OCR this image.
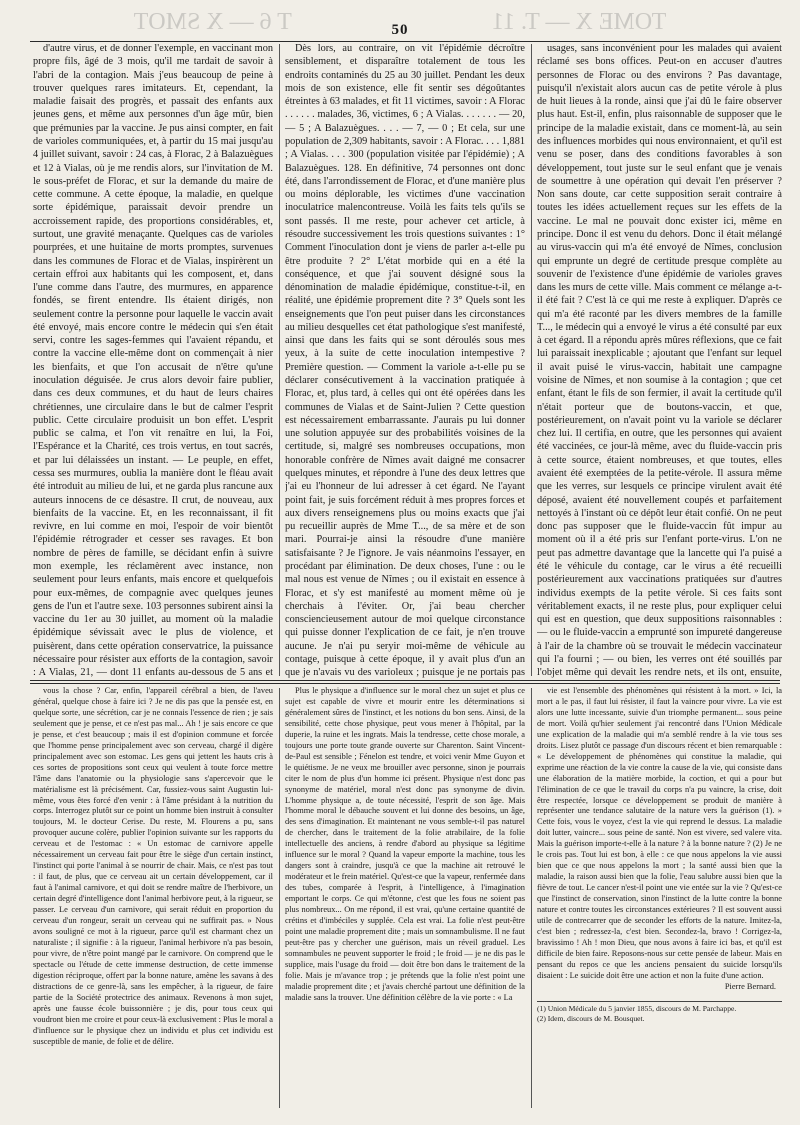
TOME X — T. 11
T 6 — X SMOT	50

d'autre virus, et de donner l'exemple, en vaccinant mon propre fils, âgé de 3 mois, qu'il me tardait de savoir à l'abri de la contagion. Mais j'eus beaucoup de peine à trouver quelques rares imitateurs. Et, cependant, la maladie faisait des progrès, et passait des enfants aux jeunes gens, et même aux personnes d'un âge mûr, bien que prémunies par la vaccine. Je pus ainsi compter, en fait de varioles communiquées, et, à partir du 15 mai jusqu'au 4 juillet suivant, savoir : 24 cas, à Florac, 2 à Balazuègues et 12 à Vialas, où je me rendis alors, sur l'invitation de M. le sous-préfet de Florac, et sur la demande du maire de cette commune. A cette époque, la maladie, en quelque sorte épidémique, paraissait devoir prendre un accroissement rapide, des proportions considérables, et, surtout, une gravité menaçante. Quelques cas de varioles pourprées, et une huitaine de morts promptes, survenues dans les communes de Florac et de Vialas, inspirèrent un certain effroi aux habitants qui les composent, et, dans l'une comme dans l'autre, des murmures, en apparence fondés, se firent entendre. Ils étaient dirigés, non seulement contre la personne pour laquelle le vaccin avait été envoyé, mais encore contre le médecin qui s'en était servi, contre les sages-femmes qui l'avaient répandu, et contre la vaccine elle-même dont on commençait à nier les bienfaits, et que l'on accusait de n'être qu'une inoculation déguisée. Je crus alors devoir faire publier, dans ces deux communes, et du haut de leurs chaires chrétiennes, une circulaire dans le but de calmer l'esprit public. Cette circulaire produisit un bon effet. L'esprit public se calma, et l'on vit renaître en lui, la Foi, l'Espérance et la Charité, ces trois vertus, en tout sacrés, et par lui délaissées un instant. — Le peuple, en effet, cessa ses murmures, oublia la manière dont le fléau avait été introduit au milieu de lui, et ne garda plus rancune aux auteurs innocens de ce désastre. Il crut, de nouveau, aux bienfaits de la vaccine. Et, en les reconnaissant, il fit revivre, en lui comme en moi, l'espoir de voir bientôt l'épidémie rétrograder et cesser ses ravages. Et bon nombre de pères de famille, se décidant enfin à suivre mon exemple, les réclamèrent avec instance, non seulement pour leurs enfants, mais encore et quelquefois pour eux-mêmes, de compagnie avec quelques jeunes gens de l'un et l'autre sexe. 103 personnes subirent ainsi la vaccine du 1er au 30 juillet, au moment où la maladie épidémique sévissait avec le plus de violence, et puisèrent, dans cette opération conservatrice, la puissance nécessaire pour résister aux efforts de la contagion, savoir : A Vialas, 21, — dont 11 enfants au-dessous de 5 ans et

Dès lors, au contraire, on vit l'épidémie décroître sensiblement, et disparaître totalement de tous les endroits contaminés du 25 au 30 juillet. Pendant les deux mois de son existence, elle fit sentir ses dégoûtantes étreintes à 63 malades, et fit 11 victimes, savoir : A Florac . . . . . . malades, 36, victimes, 6 ; A Vialas. . . . . . . — 20, — 5 ; A Balazuègues. . . . — 7, — 0 ; Et cela, sur une population de 2,309 habitants, savoir : A Florac. . . . 1,881 ; A Vialas. . . . 300 (population visitée par l'épidémie) ; A Balazuègues. 128. En définitive, 74 personnes ont donc été, dans l'arrondissement de Florac, et d'une manière plus ou moins déplorable, les victimes d'une vaccination inoculatrice malencontreuse. Voilà les faits tels qu'ils se sont passés. Il me reste, pour achever cet article, à résoudre successivement les trois questions suivantes : 1° Comment l'inoculation dont je viens de parler a-t-elle pu être produite ? 2° L'état morbide qui en a été la conséquence, et que j'ai souvent désigné sous la dénomination de maladie épidémique, constitue-t-il, en réalité, une épidémie proprement dite ? 3° Quels sont les enseignements que l'on peut puiser dans les circonstances au milieu desquelles cet état pathologique s'est manifesté, ainsi que dans les faits qui se sont déroulés sous mes yeux, à la suite de cette inoculation intempestive ? Première question. — Comment la variole a-t-elle pu se déclarer consécutivement à la vaccination pratiquée à Florac, et, plus tard, à celles qui ont été opérées dans les communes de Vialas et de Saint-Julien ? Cette question est nécessairement embarrassante. J'aurais pu lui donner une solution appuyée sur des probabilités voisines de la certitude, si, malgré ses nombreuses occupations, mon honorable confrère de Nîmes avait daigné me consacrer quelques minutes, et répondre à l'une des deux lettres que j'ai eu l'honneur de lui adresser à cet égard. Ne l'ayant point fait, je suis forcément réduit à mes propres forces et aux divers renseignemens plus ou moins exacts que j'ai pu recueillir auprès de Mme T..., de sa mère et de son mari. Pourrai-je ainsi la résoudre d'une manière satisfaisante ? Je l'ignore. Je vais néanmoins l'essayer, en procédant par élimination. De deux choses, l'une : ou le mal nous est venue de Nîmes ; ou il existait en essence à Florac, et s'y est manifesté au moment même où je cherchais à l'éviter. Or, j'ai beau chercher consciencieusement autour de moi quelque circonstance qui puisse donner l'explication de ce fait, je n'en trouve aucune. Je n'ai pu seryir moi-même de véhicule au contage, puisque à cette époque, il y avait plus d'un an que je n'avais vu des varioleux ; puisque je ne portais pas

usages, sans inconvénient pour les malades qui avaient réclamé ses bons offices. Peut-on en accuser d'autres personnes de Florac ou des environs ? Pas davantage, puisqu'il n'existait alors aucun cas de petite vérole à plus de huit lieues à la ronde, ainsi que j'ai dû le faire observer plus haut. Est-il, enfin, plus raisonnable de supposer que le principe de la maladie existait, dans ce moment-là, au sein des influences morbides qui nous environnaient, et qu'il est venu se poser, dans des conditions favorables à son développement, tout juste sur le seul enfant que je venais de soumettre à une opération qui devait l'en préserver ? Non sans doute, car cette supposition serait contraire à toutes les idées actuellement reçues sur les effets de la vaccine. Le mal ne pouvait donc exister ici, même en principe. Donc il est venu du dehors. Donc il était mélangé au virus-vaccin qui m'a été envoyé de Nîmes, conclusion qui emprunte un degré de certitude presque complète au souvenir de l'existence d'une épidémie de varioles graves dans les murs de cette ville. Mais comment ce mélange a-t-il été fait ? C'est là ce qui me reste à expliquer. D'après ce qui m'a été raconté par les divers membres de la famille T..., le médecin qui a envoyé le virus a été consulté par eux à cet égard. Il a répondu après mûres réflexions, que ce fait lui paraissait inexplicable ; ajoutant que l'enfant sur lequel il avait puisé le virus-vaccin, habitait une campagne voisine de Nîmes, et non soumise à la contagion ; que cet enfant, étant le fils de son fermier, il avait la certitude qu'il n'était porteur que de boutons-vaccin, et que, postérieurement, on n'avait point vu la variole se déclarer chez lui. Il certifia, en outre, que les personnes qui avaient été vaccinées, ce jour-là même, avec du fluide-vaccin pris à cette source, étaient nombreuses, et que toutes, elles avaient été exemptées de la petite-vérole. Il assura même que les verres, sur lesquels ce principe virulent avait été déposé, avaient été nouvellement coupés et parfaitement nettoyés à l'instant où ce dépôt leur était confié. On ne peut donc pas supposer que le fluide-vaccin fût impur au moment où il a été pris sur l'enfant porte-virus. L'on ne peut pas admettre davantage que la lancette qui l'a puisé a été le véhicule du contage, car le virus a été recueilli postérieurement aux vaccinations pratiquées sur d'autres individus exempts de la petite vérole. Si ces faits sont véritablement exacts, il ne reste plus, pour expliquer celui qui est en question, que deux suppositions raisonnables : — ou le fluide-vaccin a emprunté son impureté dangereuse à l'air de la chambre où se trouvait le médecin vaccinateur qui l'a fourni ; — ou bien, les verres ont été souillés par l'objet même qui devait les rendre nets, et ils ont, ensuite,

vous la chose ? Car, enfin, l'appareil cérébral a bien, de l'aveu général, quelque chose à faire ici ? Je ne dis pas que la pensée est, en quelque sorte, une sécrétion, car je ne connais l'essence de rien ; je sais seulement que je pense, et ce n'est pas mal... Ah ! je sais encore ce que je pense, et c'est beaucoup ; mais il est d'opinion commune et forcée que l'homme pense principalement avec son cerveau, chargé il digère principalement avec son estomac. Les gens qui jettent les hauts cris à ces sortes de propositions sont ceux qui veulent à toute force mettre l'âme dans l'anatomie ou la physiologie sans s'apercevoir que le matérialisme est là précisément. Car, fussiez-vous saint Augustin lui-même, vous êtes forcé d'en venir : à l'âme présidant à la nutrition du corps. Interrogez plutôt sur ce point un homme bien instruit à consulter toujours, M. le docteur Cerise. Du reste, M. Flourens a pu, sans provoquer aucune colère, publier l'opinion suivante sur les rapports du cerveau et de l'estomac : « Un estomac de carnivore appelle nécessairement un cerveau fait pour être le siège d'un certain instinct, l'instinct qui porte l'animal à se nourrir de chair. Mais, ce n'est pas tout : il faut, de plus, que ce cerveau ait un certain développement, car il faut à l'animal carnivore, et qui doit se rendre maître de l'herbivore, un certain degré d'intelligence dont l'animal herbivore peut, à la rigueur, se passer. Le cerveau d'un carnivore, qui serait réduit en proportion du cerveau d'un rongeur, serait un cerveau qui ne suffirait pas. » Nous avons souligné ce mot à la rigueur, parce qu'il est charmant chez un naturaliste ; il signifie : à la rigueur, l'animal herbivore n'a pas besoin, pour vivre, de n'être point mangé par le carnivore. On comprend que le spectacle ou l'étude de cette immense destruction, de cette immense digestion réciproque, offert par la bonne nature, amène les savans à des distractions de ce genre-là, sans les empêcher, à la rigueur, de faire partie de la Société protectrice des animaux. Revenons à mon sujet, après une fausse école buissonnière ; je dis, pour tous ceux qui voudront bien me croire et pour ceux-là exclusivement : Plus le moral a d'influence sur le physique chez un individu et plus cet individu est susceptible de manie, de folie et de délire.

Plus le physique a d'influence sur le moral chez un sujet et plus ce sujet est capable de vivre et mourir entre les déterminations si généralement sûres de l'instinct, et les notions du bon sens. Ainsi, de la sensibilité, cette chose physique, peut vous mener à l'hôpital, par la duperie, la ruine et les ingrats. Mais la tendresse, cette chose morale, a toujours une porte toute grande ouverte sur Charenton. Saint Vincent-de-Paul est sensible ; Fénelon est tendre, et voici venir Mme Guyon et le quiétisme. Je ne veux me brouiller avec personne, sinon je pourrais citer le nom de plus d'un homme ici présent. Physique n'est donc pas synonyme de matériel, moral n'est donc pas synonyme de divin. L'homme physique a, de toute nécessité, l'esprit de son âge. Mais l'homme moral le débauche souvent et lui donne des besoins, un âge, des sens d'imagination. Et maintenant ne vous semble-t-il pas naturel de chercher, dans le traitement de la folie atrabilaire, de la folie intellectuelle des anciens, à rendre d'abord au physique sa légitime influence sur le moral ? Quand la vapeur emporte la machine, tous les dangers sont à craindre, jusqu'à ce que la machine ait retrouvé le modérateur et le frein matériel. Qu'est-ce que la vapeur, renfermée dans des tubes, comparée à l'esprit, à l'intelligence, à l'imagination emportant le corps. Ce qui m'étonne, c'est que les fous ne soient pas plus nombreux... On me répond, il est vrai, qu'une certaine quantité de crétins et d'imbéciles y supplée. Cela est vrai. La folie n'est peut-être point une maladie proprement dite ; mais un somnambulisme. Il ne faut peut-être pas y chercher une guérison, mais un réveil graduel. Les somnambules ne peuvent supporter le froid ; le froid — je ne dis pas le supplice, mais l'usage du froid — doit être bon dans le traitement de la folie. Mais je m'avance trop ; je prétends que la folie n'est point une maladie proprement dite ; et j'avais cherché partout une définition de la maladie sans la trouver. Une définition célèbre de la vie porte : « La

vie est l'ensemble des phénomènes qui résistent à la mort. » Ici, la mort a le pas, il faut lui résister, il faut la vaincre pour vivre. La vie est alors une lutte incessante, suivie d'un triomphe permanent... sous peine de mort. Voilà qu'hier seulement j'ai rencontré dans l'Union Médicale une explication de la maladie qui m'a semblé rendre à la vie tous ses droits. Lisez plutôt ce passage d'un discours récent et bien remarquable : « Le développement de phénomènes qui constitue la maladie, qui exprime une réaction de la vie contre la cause de la vie, qui consiste dans une élaboration de la matière morbide, la coction, et qui a pour but l'élimination de ce que le travail du corps n'a pu vaincre, la crise, doit être respectée, lorsque ce développement se produit de manière à représenter une tendance salutaire de la nature vers la guérison (1). » Cette fois, vous le voyez, c'est la vie qui reprend le dessus. La maladie doit lutter, vaincre... sous peine de santé. Non est vivere, sed valere vita. Mais la guérison importe-t-elle à la nature ? à la bonne nature ? (2) Je ne le crois pas. Tout lui est bon, à elle : ce que nous appelons la vie aussi bien que ce que nous appelons la mort ; la santé aussi bien que la maladie, la raison aussi bien que la folie, l'eau salubre aussi bien que la fièvre de tout. Le cancer n'est-il point une vie entée sur la vie ? Qu'est-ce que l'instinct de conservation, sinon l'instinct de la lutte contre la bonne nature et contre toutes les circonstances extérieures ? Il est souvent aussi utile de contrecarrer que de seconder les efforts de la nature. Imitez-la, c'est bien ; redressez-la, c'est bien. Secondez-la, bravo ! Corrigez-la, bravissimo ! Ah ! mon Dieu, que nous avons à faire ici bas, et qu'il est difficile de bien faire. Reposons-nous sur cette pensée de labeur. Mais en pensant du repos ce que les anciens pensaient du suicide lorsqu'ils disaient : Le suicide doit être une action et non la fuite d'une action.

Pierre Bernard.

(1) Union Médicale du 5 janvier 1855, discours de M. Parchappe.
(2) Idem, discours de M. Bousquet.
